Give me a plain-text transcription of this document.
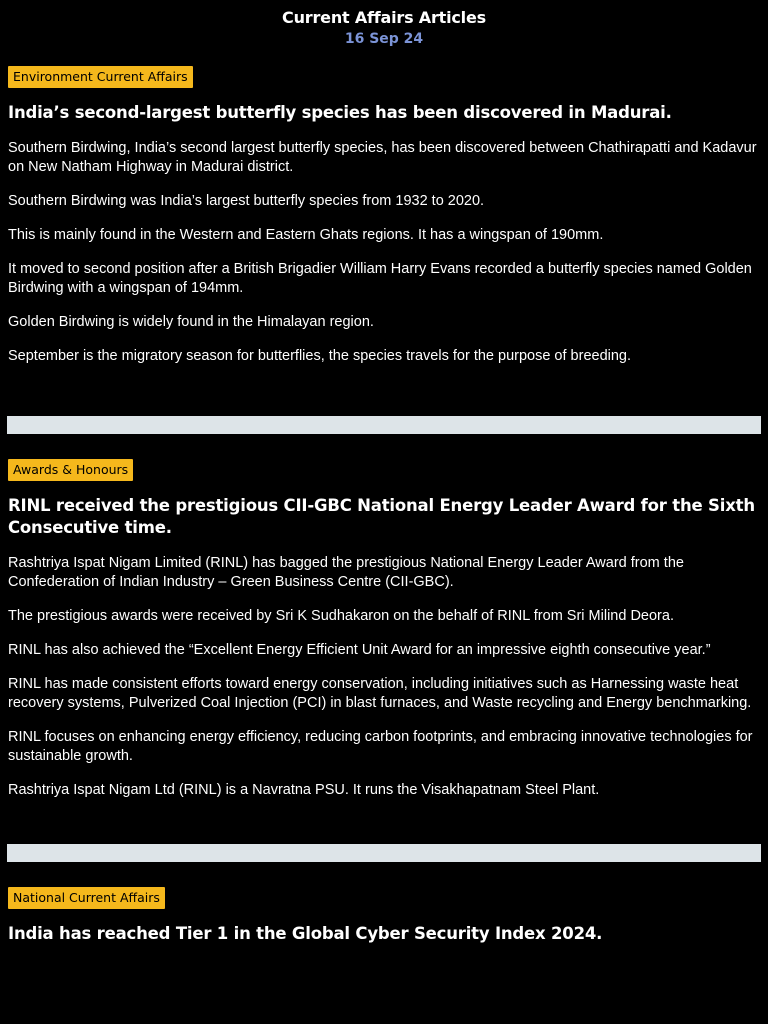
Current Affairs Articles
16 Sep 24
Environment Current Affairs
India’s second-largest butterfly species has been discovered in Madurai.

Southern Birdwing, India’s second largest butterfly species, has been discovered between Chathirapatti and Kadavur on New Natham Highway in Madurai district.

Southern Birdwing was India’s largest butterfly species from 1932 to 2020.

This is mainly found in the Western and Eastern Ghats regions. It has a wingspan of 190mm.

It moved to second position after a British Brigadier William Harry Evans recorded a butterfly species named Golden Birdwing with a wingspan of 194mm.

Golden Birdwing is widely found in the Himalayan region.

September is the migratory season for butterflies, the species travels for the purpose of breeding.

Awards & Honours
RINL received the prestigious CII-GBC National Energy Leader Award for the Sixth Consecutive time.

Rashtriya Ispat Nigam Limited (RINL) has bagged the prestigious National Energy Leader Award from the Confederation of Indian Industry – Green Business Centre (CII-GBC).

The prestigious awards were received by Sri K Sudhakaron on the behalf of RINL from Sri Milind Deora.

RINL has also achieved the “Excellent Energy Efficient Unit Award for an impressive eighth consecutive year.”

RINL has made consistent efforts toward energy conservation, including initiatives such as Harnessing waste heat recovery systems, Pulverized Coal Injection (PCI) in blast furnaces, and Waste recycling and Energy benchmarking.

RINL focuses on enhancing energy efficiency, reducing carbon footprints, and embracing innovative technologies for sustainable growth.

Rashtriya Ispat Nigam Ltd (RINL) is a Navratna PSU. It runs the Visakhapatnam Steel Plant.

National Current Affairs
India has reached Tier 1 in the Global Cyber Security Index 2024.
